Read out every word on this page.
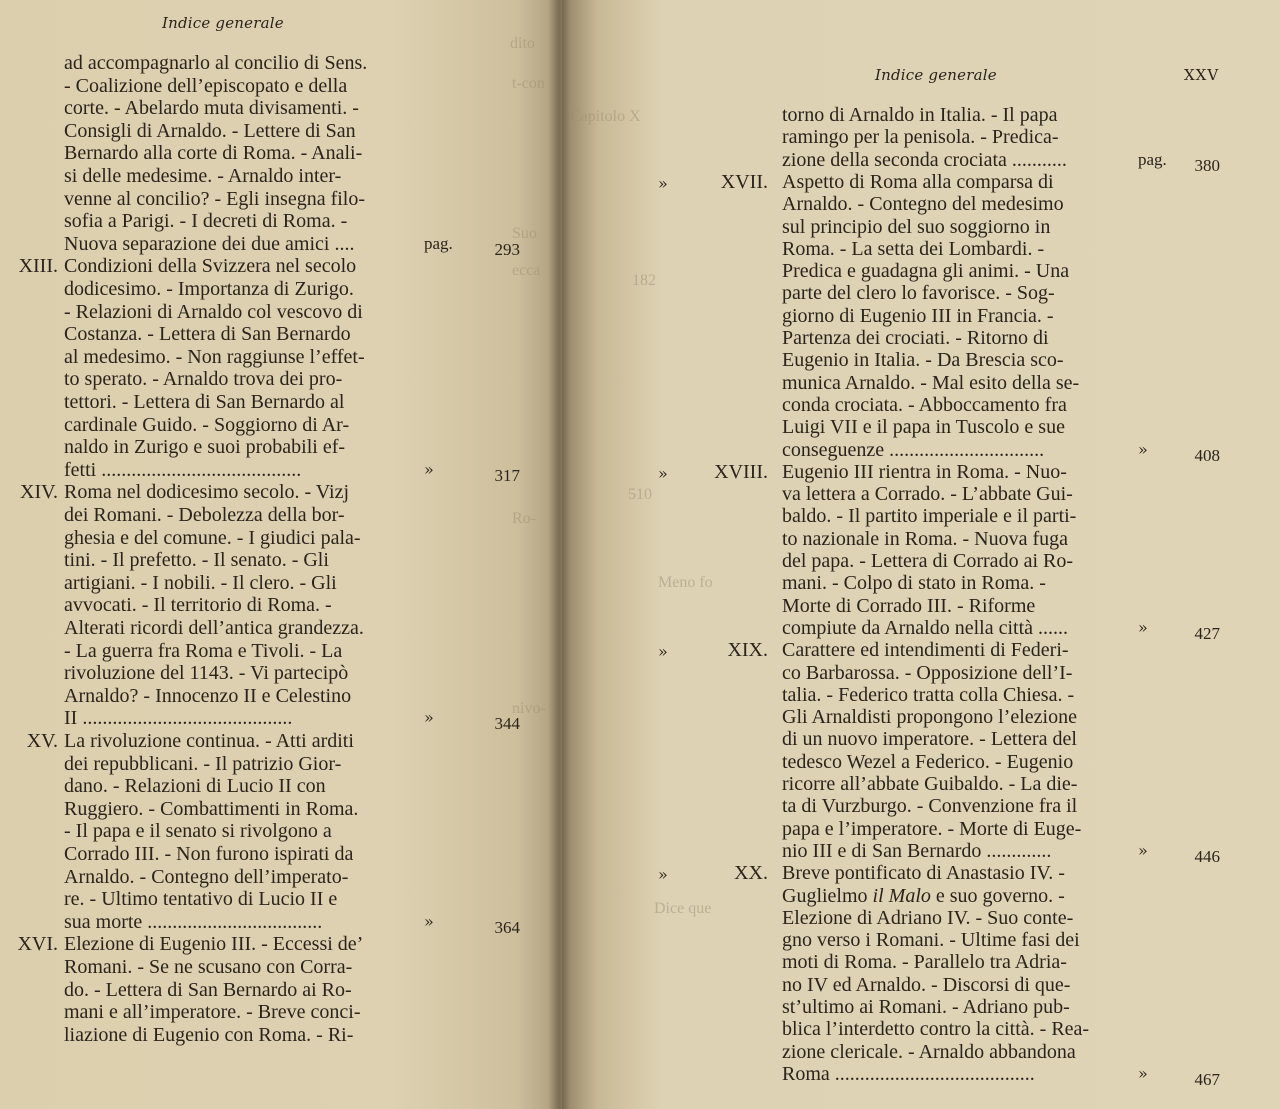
Indice generale
dito
t-con
Suo
ecca
Ro-
nivo-
ad accompagnarlo al concilio di Sens.
- Coalizione dell’episcopato e della
corte. - Abelardo muta divisamenti. -
Consigli di Arnaldo. - Lettere di San
Bernardo alla corte di Roma. - Anali-
si delle medesime. - Arnaldo inter-
venne al concilio? - Egli insegna filo-
sofia a Parigi. - I decreti di Roma. -
Nuova separazione dei due amici ....	pag. 293
XIII. Condizioni della Svizzera nel secolo
dodicesimo. - Importanza di Zurigo.
- Relazioni di Arnaldo col vescovo di
Costanza. - Lettera di San Bernardo
al medesimo. - Non raggiunse l’effet-
to sperato. - Arnaldo trova dei pro-
tettori. - Lettera di San Bernardo al
cardinale Guido. - Soggiorno di Ar-
naldo in Zurigo e suoi probabili ef-
fetti ........................................	»	317
XIV. Roma nel dodicesimo secolo. - Vizj
dei Romani. - Debolezza della bor-
ghesia e del comune. - I giudici pala-
tini. - Il prefetto. - Il senato. - Gli
artigiani. - I nobili. - Il clero. - Gli
avvocati. - Il territorio di Roma. -
Alterati ricordi dell’antica grandezza.
- La guerra fra Roma e Tivoli. - La
rivoluzione del 1143. - Vi partecipò
Arnaldo? - Innocenzo II e Celestino
II ..........................................	»	344
XV. La rivoluzione continua. - Atti arditi
dei repubblicani. - Il patrizio Gior-
dano. - Relazioni di Lucio II con
Ruggiero. - Combattimenti in Roma.
- Il papa e il senato si rivolgono a
Corrado III. - Non furono ispirati da
Arnaldo. - Contegno dell’imperato-
re. - Ultimo tentativo di Lucio II e
sua morte ...................................	»	364
XVI. Elezione di Eugenio III. - Eccessi de’
Romani. - Se ne scusano con Corra-
do. - Lettera di San Bernardo ai Ro-
mani e all’imperatore. - Breve conci-
liazione di Eugenio con Roma. - Ri-
Indice generale	XXV
Capitolo X
182
510
Meno fo
Dice que
torno di Arnaldo in Italia. - Il papa
ramingo per la penisola. - Predica-
zione della seconda crociata ...........	pag. 380
»	XVII. Aspetto di Roma alla comparsa di
Arnaldo. - Contegno del medesimo
sul principio del suo soggiorno in
Roma. - La setta dei Lombardi. -
Predica e guadagna gli animi. - Una
parte del clero lo favorisce. - Sog-
giorno di Eugenio III in Francia. -
Partenza dei crociati. - Ritorno di
Eugenio in Italia. - Da Brescia sco-
munica Arnaldo. - Mal esito della se-
conda crociata. - Abboccamento fra
Luigi VII e il papa in Tuscolo e sue
conseguenze ...............................	»	408
» XVIII. Eugenio III rientra in Roma. - Nuo-
va lettera a Corrado. - L’abbate Gui-
baldo. - Il partito imperiale e il parti-
to nazionale in Roma. - Nuova fuga
del papa. - Lettera di Corrado ai Ro-
mani. - Colpo di stato in Roma. -
Morte di Corrado III. - Riforme
compiute da Arnaldo nella città ......	»	427
»	XIX. Carattere ed intendimenti di Federi-
co Barbarossa. - Opposizione dell’I-
talia. - Federico tratta colla Chiesa. -
Gli Arnaldisti propongono l’elezione
di un nuovo imperatore. - Lettera del
tedesco Wezel a Federico. - Eugenio
ricorre all’abbate Guibaldo. - La die-
ta di Vurzburgo. - Convenzione fra il
papa e l’imperatore. - Morte di Euge-
nio III e di San Bernardo .............	»	446
»	XX. Breve pontificato di Anastasio IV. -
Guglielmo il Malo e suo governo. -
Elezione di Adriano IV. - Suo conte-
gno verso i Romani. - Ultime fasi dei
moti di Roma. - Parallelo tra Adria-
no IV ed Arnaldo. - Discorsi di que-
st’ultimo ai Romani. - Adriano pub-
blica l’interdetto contro la città. - Rea-
zione clericale. - Arnaldo abbandona
Roma ........................................	»	467
